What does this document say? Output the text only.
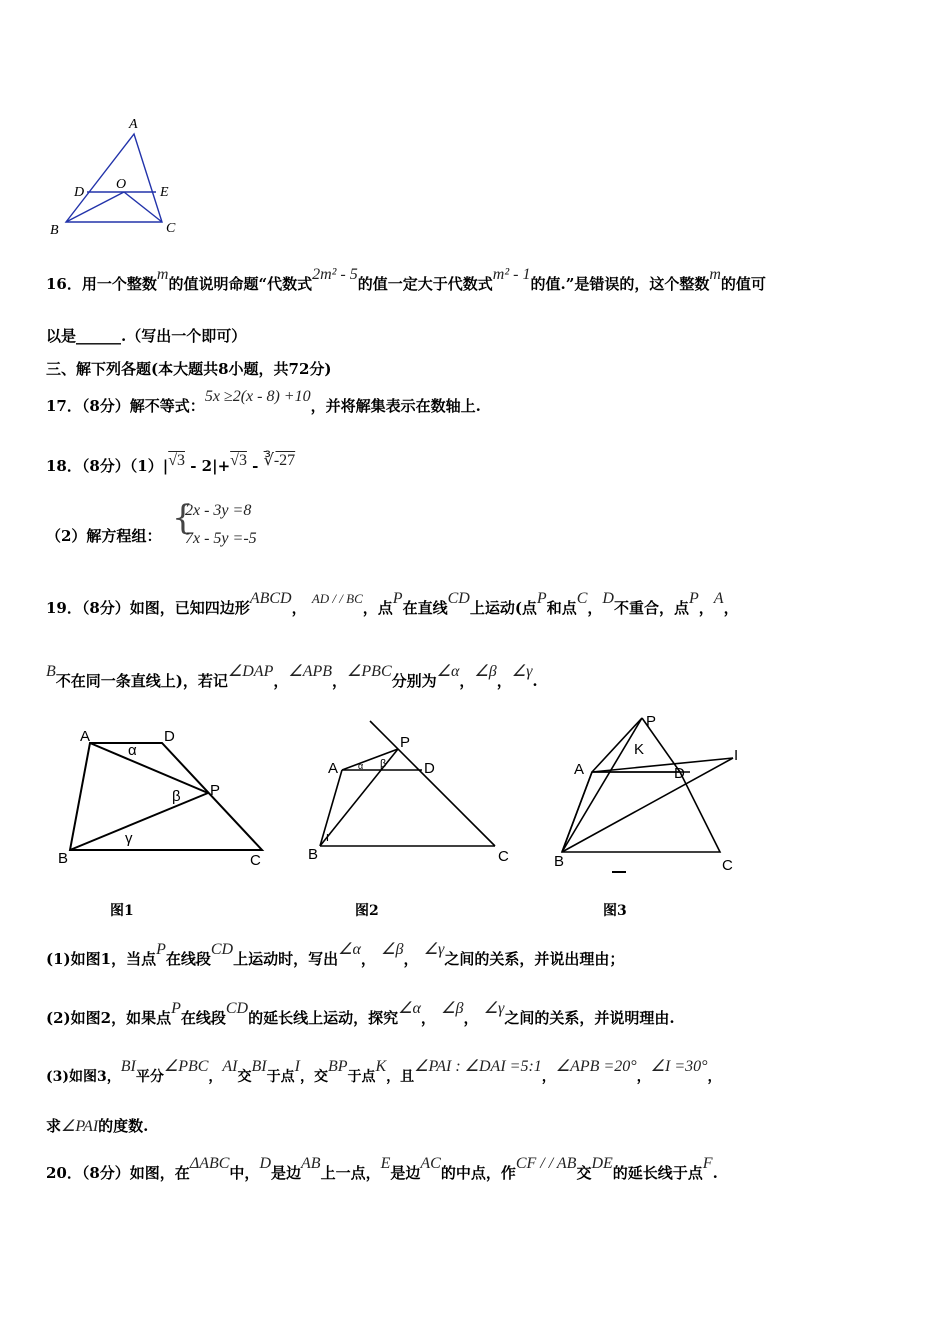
A
D
O
E
B	C
16．用一个整数m的值说明命题“代数式2m² - 5的值一定大于代数式m² - 1的值.”是错误的，这个整数m的值可
以是______.（写出一个即可）
三、解下列各题(本大题共8小题，共72分)
17．（8分）解不等式：5x ≥2(x - 8) +10，并将解集表示在数轴上.
18．（8分）（1）|√3 - 2|+√3 - ∛-27
（2）解方程组： {
2x - 3y =8
7x - 5y =-5
19．（8分）如图，已知四边形ABCD， AD / / BC，点P在直线CD上运动(点P和点C，D不重合，点P，A，
B不在同一条直线上)，若记∠DAP，∠APB，∠PBC分别为∠α，∠β，∠γ.
A	D
P
B	C
α
β
γ
图1
A	D
P
B	C
α β
r
图2
A	D
P
K	I
B	C
图3
(1)如图1，当点P在线段CD上运动时，写出∠α， ∠β， ∠γ之间的关系，并说出理由；
(2)如图2，如果点P在线段CD的延长线上运动，探究∠α， ∠β， ∠γ之间的关系，并说明理由.
(3)如图3，BI平分∠PBC，AI交BI于点I，交BP于点K，且∠PAI : ∠DAI =5:1，∠APB =20°，∠I =30°，
求∠PAI的度数.
20．（8分）如图，在ΔABC中，D是边AB上一点，E是边AC的中点，作CF / / AB交DE的延长线于点F.
